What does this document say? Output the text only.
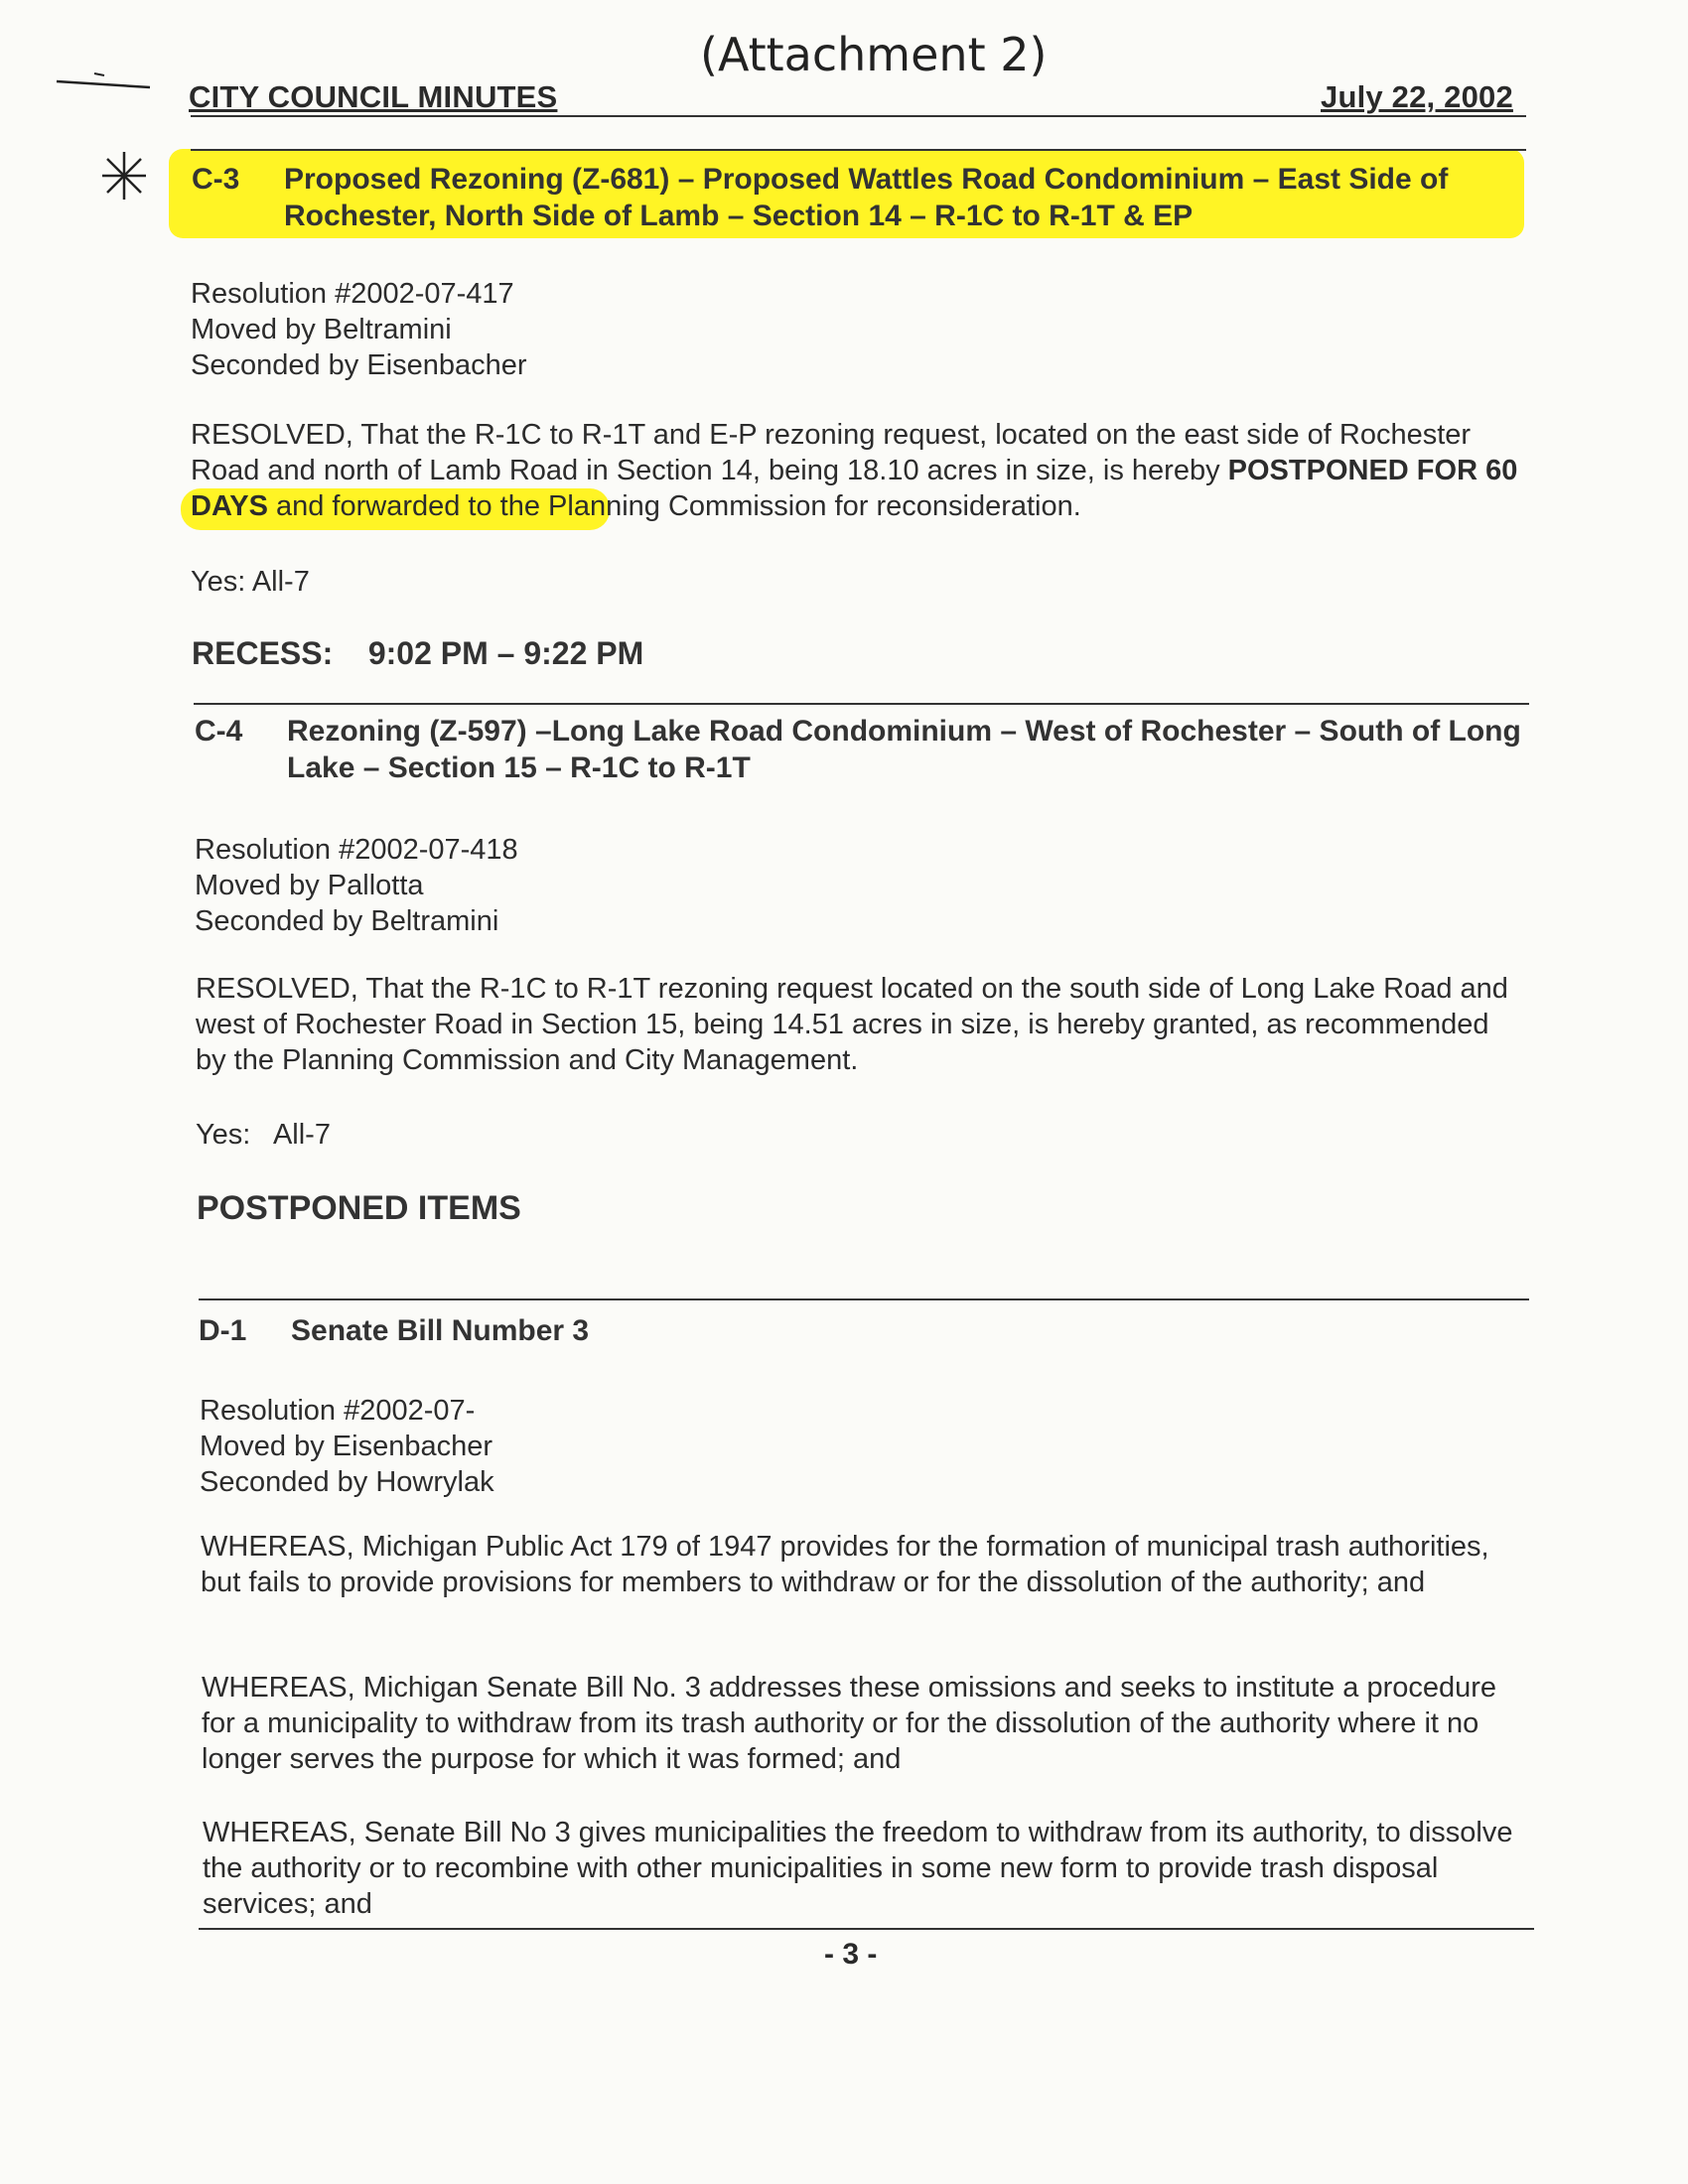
(Attachment 2)
CITY COUNCIL MINUTES	July 22, 2002
C-3 Proposed Rezoning (Z-681) – Proposed Wattles Road Condominium – East Side of Rochester, North Side of Lamb – Section 14 – R-1C to R-1T & EP
Resolution #2002-07-417
Moved by Beltramini
Seconded by Eisenbacher
RESOLVED, That the R-1C to R-1T and E-P rezoning request, located on the east side of Rochester Road and north of Lamb Road in Section 14, being 18.10 acres in size, is hereby POSTPONED FOR 60 DAYS and forwarded to the Planning Commission for reconsideration.
Yes: All-7
RECESS:    9:02 PM – 9:22 PM
C-4 Rezoning (Z-597) –Long Lake Road Condominium – West of Rochester – South of Long Lake – Section 15 – R-1C to R-1T
Resolution #2002-07-418
Moved by Pallotta
Seconded by Beltramini
RESOLVED, That the R-1C to R-1T rezoning request located on the south side of Long Lake Road and west of Rochester Road in Section 15, being 14.51 acres in size, is hereby granted, as recommended by the Planning Commission and City Management.
Yes:   All-7
POSTPONED ITEMS
D-1 Senate Bill Number 3
Resolution #2002-07-
Moved by Eisenbacher
Seconded by Howrylak
WHEREAS, Michigan Public Act 179 of 1947 provides for the formation of municipal trash authorities, but fails to provide provisions for members to withdraw or for the dissolution of the authority; and
WHEREAS, Michigan Senate Bill No. 3 addresses these omissions and seeks to institute a procedure for a municipality to withdraw from its trash authority or for the dissolution of the authority where it no longer serves the purpose for which it was formed; and
WHEREAS, Senate Bill No 3 gives municipalities the freedom to withdraw from its authority, to dissolve the authority or to recombine with other municipalities in some new form to provide trash disposal services; and
- 3 -
